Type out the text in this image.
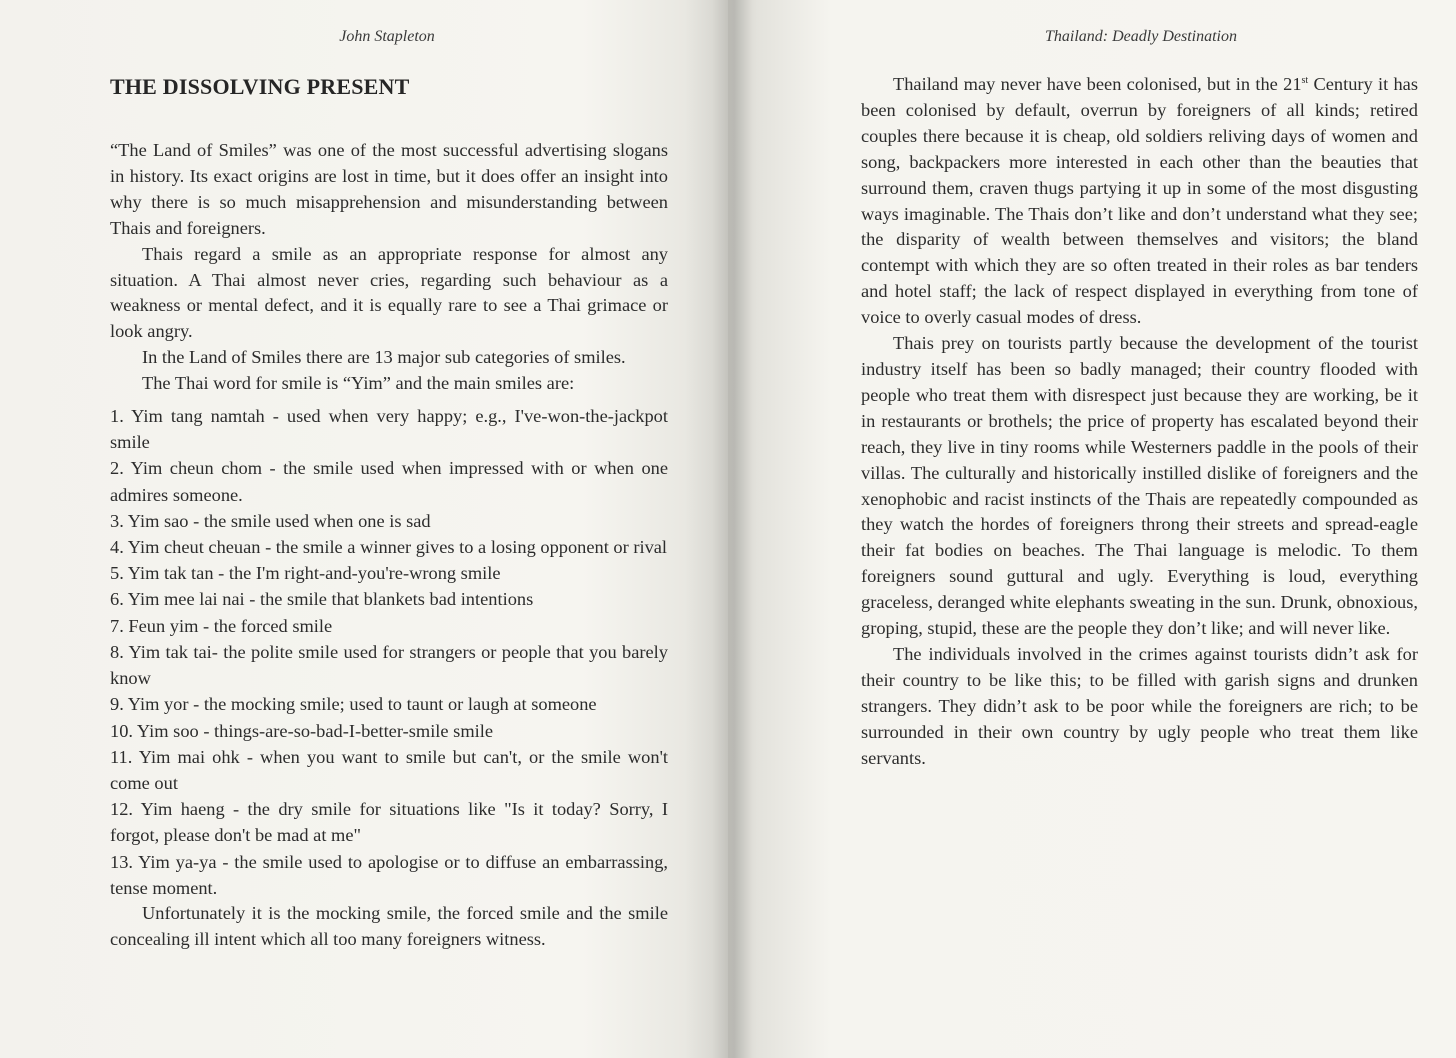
John Stapleton
THE DISSOLVING PRESENT

“The Land of Smiles” was one of the most successful advertising slogans in history. Its exact origins are lost in time, but it does offer an insight into why there is so much misapprehension and misunderstanding between Thais and foreigners.

Thais regard a smile as an appropriate response for almost any situation. A Thai almost never cries, regarding such behaviour as a weakness or mental defect, and it is equally rare to see a Thai grimace or look angry.

In the Land of Smiles there are 13 major sub categories of smiles.

The Thai word for smile is “Yim” and the main smiles are:

1. Yim tang namtah - used when very happy; e.g., I've-won-the-jackpot smile
2. Yim cheun chom - the smile used when impressed with or when one admires someone.
3. Yim sao - the smile used when one is sad
4. Yim cheut cheuan - the smile a winner gives to a losing opponent or rival
5. Yim tak tan - the I'm right-and-you're-wrong smile
6. Yim mee lai nai - the smile that blankets bad intentions
7. Feun yim - the forced smile
8. Yim tak tai- the polite smile used for strangers or people that you barely know
9. Yim yor - the mocking smile; used to taunt or laugh at someone
10. Yim soo - things-are-so-bad-I-better-smile smile
11. Yim mai ohk - when you want to smile but can't, or the smile won't come out
12. Yim haeng - the dry smile for situations like "Is it today? Sorry, I forgot, please don't be mad at me"
13. Yim ya-ya - the smile used to apologise or to diffuse an embarrassing, tense moment.

Unfortunately it is the mocking smile, the forced smile and the smile concealing ill intent which all too many foreigners witness.

Thailand: Deadly Destination

Thailand may never have been colonised, but in the 21st Century it has been colonised by default, overrun by foreigners of all kinds; retired couples there because it is cheap, old soldiers reliving days of women and song, backpackers more interested in each other than the beauties that surround them, craven thugs partying it up in some of the most disgusting ways imaginable. The Thais don’t like and don’t understand what they see; the disparity of wealth between themselves and visitors; the bland contempt with which they are so often treated in their roles as bar tenders and hotel staff; the lack of respect displayed in everything from tone of voice to overly casual modes of dress.

Thais prey on tourists partly because the development of the tourist industry itself has been so badly managed; their country flooded with people who treat them with disrespect just because they are working, be it in restaurants or brothels; the price of property has escalated beyond their reach, they live in tiny rooms while Westerners paddle in the pools of their villas. The culturally and historically instilled dislike of foreigners and the xenophobic and racist instincts of the Thais are repeatedly compounded as they watch the hordes of foreigners throng their streets and spread-eagle their fat bodies on beaches. The Thai language is melodic. To them foreigners sound guttural and ugly. Everything is loud, everything graceless, deranged white elephants sweating in the sun. Drunk, obnoxious, groping, stupid, these are the people they don’t like; and will never like.

The individuals involved in the crimes against tourists didn’t ask for their country to be like this; to be filled with garish signs and drunken strangers. They didn’t ask to be poor while the foreigners are rich; to be surrounded in their own country by ugly people who treat them like servants.
